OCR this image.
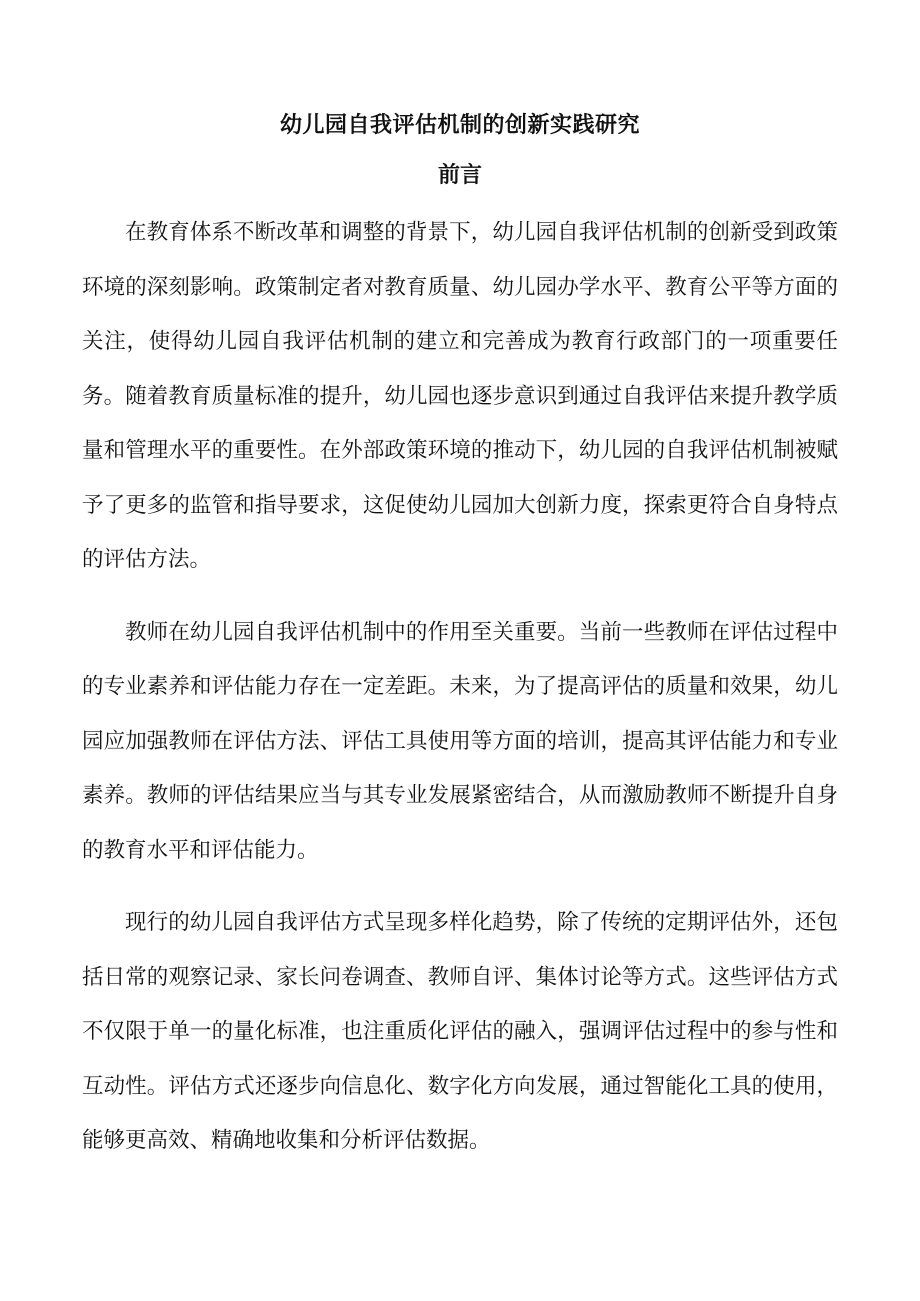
幼儿园自我评估机制的创新实践研究
前言

在教育体系不断改革和调整的背景下，幼儿园自我评估机制的创新受到政策环境的深刻影响。政策制定者对教育质量、幼儿园办学水平、教育公平等方面的关注，使得幼儿园自我评估机制的建立和完善成为教育行政部门的一项重要任务。随着教育质量标准的提升，幼儿园也逐步意识到通过自我评估来提升教学质量和管理水平的重要性。在外部政策环境的推动下，幼儿园的自我评估机制被赋予了更多的监管和指导要求，这促使幼儿园加大创新力度，探索更符合自身特点的评估方法。

教师在幼儿园自我评估机制中的作用至关重要。当前一些教师在评估过程中的专业素养和评估能力存在一定差距。未来，为了提高评估的质量和效果，幼儿园应加强教师在评估方法、评估工具使用等方面的培训，提高其评估能力和专业素养。教师的评估结果应当与其专业发展紧密结合，从而激励教师不断提升自身的教育水平和评估能力。

现行的幼儿园自我评估方式呈现多样化趋势，除了传统的定期评估外，还包括日常的观察记录、家长问卷调查、教师自评、集体讨论等方式。这些评估方式不仅限于单一的量化标准，也注重质化评估的融入，强调评估过程中的参与性和互动性。评估方式还逐步向信息化、数字化方向发展，通过智能化工具的使用，能够更高效、精确地收集和分析评估数据。
